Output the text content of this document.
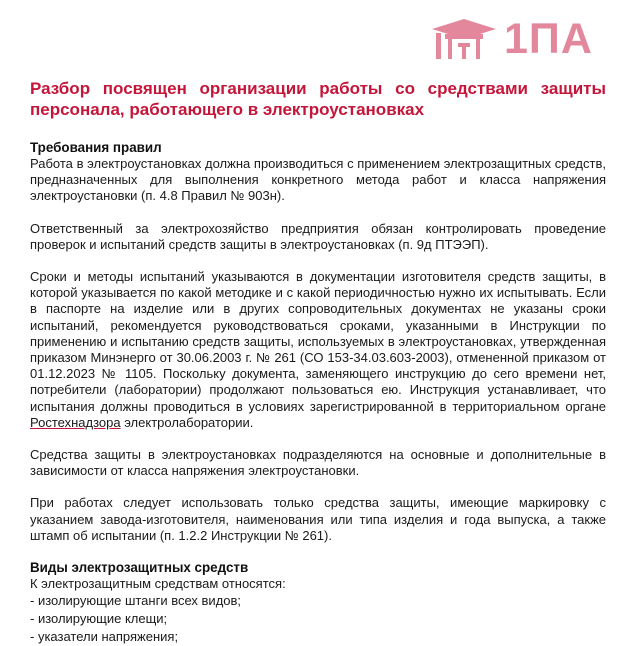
1ПА
Разбор посвящен организации работы со средствами защиты персонала, работающего в электроустановках
Требования правил

Работа в электроустановках должна производиться с применением электрозащитных средств, предназначенных для выполнения конкретного метода работ и класса напряжения электроустановки (п. 4.8 Правил № 903н).

Ответственный за электрохозяйство предприятия обязан контролировать проведение проверок и испытаний средств защиты в электроустановках (п. 9д ПТЭЭП).

Сроки и методы испытаний указываются в документации изготовителя средств защиты, в которой указывается по какой методике и с какой периодичностью нужно их испытывать. Если в паспорте на изделие или в других сопроводительных документах не указаны сроки испытаний, рекомендуется руководствоваться сроками, указанными в Инструкции по применению и испытанию средств защиты, используемых в электроустановках, утвержденная приказом Минэнерго от 30.06.2003 г. № 261 (СО 153-34.03.603-2003), отмененной приказом от 01.12.2023 № 1105. Поскольку документа, заменяющего инструкцию до сего времени нет, потребители (лаборатории) продолжают пользоваться ею. Инструкция устанавливает, что испытания должны проводиться в условиях зарегистрированной в территориальном органе Ростехнадзора электролаборатории.

Средства защиты в электроустановках подразделяются на основные и дополнительные в зависимости от класса напряжения электроустановки.

При работах следует использовать только средства защиты, имеющие маркировку с указанием завода-изготовителя, наименования или типа изделия и года выпуска, а также штамп об испытании (п. 1.2.2 Инструкции № 261).

Виды электрозащитных средств

К электрозащитным средствам относятся:

- изолирующие штанги всех видов;
- изолирующие клещи;
- указатели напряжения;
